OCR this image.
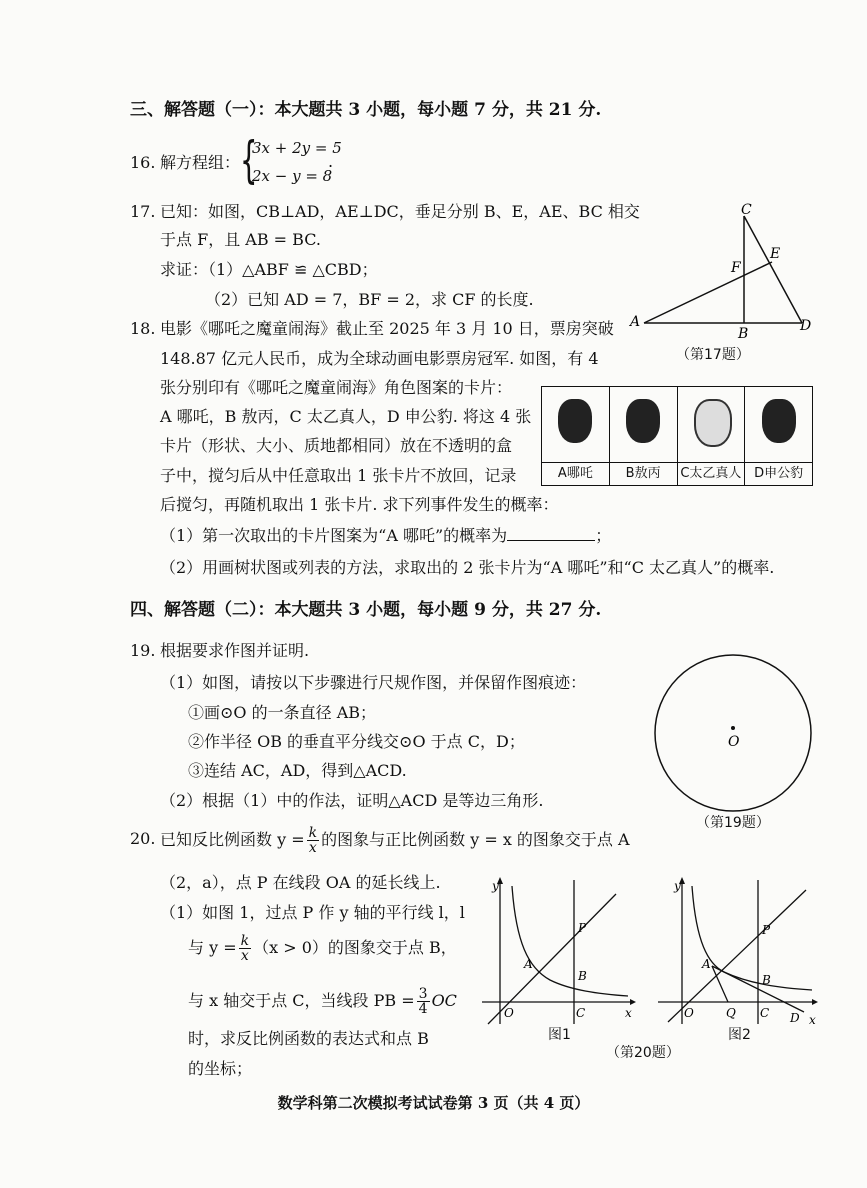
三、解答题（一）：本大题共 3 小题，每小题 7 分，共 21 分.
16. 解方程组： {
3x + 2y = 5
2x − y = 8
.
17. 已知：如图，CB⊥AD，AE⊥DC，垂足分别 B、E，AE、BC 相交
于点 F，且 AB = BC.
求证：（1）△ABF ≌ △CBD；
（2）已知 AD = 7，BF = 2，求 CF 的长度.
C
E
F
A
B	D
（第17题）
18. 电影《哪吒之魔童闹海》截止至 2025 年 3 月 10 日，票房突破
148.87 亿元人民币，成为全球动画电影票房冠军. 如图，有 4
张分别印有《哪吒之魔童闹海》角色图案的卡片：
A 哪吒，B 敖丙，C 太乙真人，D 申公豹. 将这 4 张
卡片（形状、大小、质地都相同）放在不透明的盒
子中，搅匀后从中任意取出 1 张卡片不放回，记录
后搅匀，再随机取出 1 张卡片. 求下列事件发生的概率：
（1）第一次取出的卡片图案为“A 哪吒”的概率为	；
（2）用画树状图或列表的方法，求取出的 2 张卡片为“A 哪吒”和“C 太乙真人”的概率.
A哪吒	B敖丙	C太乙真人 D申公豹
四、解答题（二）：本大题共 3 小题，每小题 9 分，共 27 分.
19. 根据要求作图并证明.
（1）如图，请按以下步骤进行尺规作图，并保留作图痕迹：
①画⊙O 的一条直径 AB；
②作半径 OB 的垂直平分线交⊙O 于点 C，D；
③连结 AC，AD，得到△ACD.
（2）根据（1）中的作法，证明△ACD 是等边三角形.
O
（第19题）
20. 已知反比例函数 $y = \frac{k}{x}$ 的图象与正比例函数 y = x 的图象交于点 A
（2，a），点 P 在线段 OA 的延长线上.
（1）如图 1，过点 P 作 y 轴的平行线 l，l
与 $y = \frac{k}{x} (x > 0)$的图象交于点 B，
与 x 轴交于点 C，当线段 PB = $\frac{3}{4}$ OC
时，求反比例函数的表达式和点 B
的坐标；
y
x
O
A
P
B
C
图1
y
x
O
A
P
B
Q C D
图2
（第20题）
数学科第二次模拟考试试卷第 3 页（共 4 页）
